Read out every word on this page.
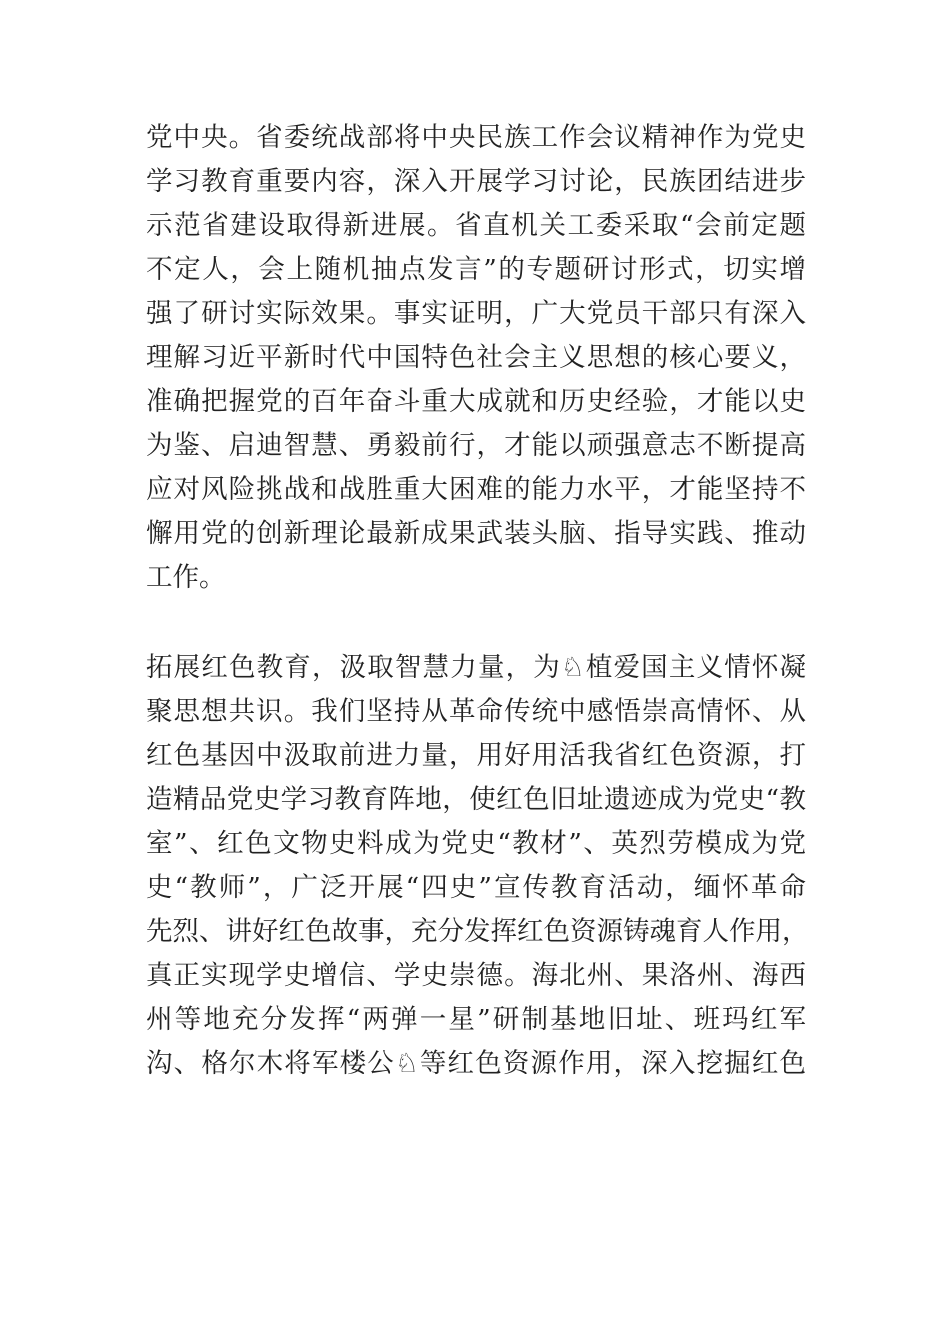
党中央。省委统战部将中央民族工作会议精神作为党史
学习教育重要内容，深入开展学习讨论，民族团结进步
示范省建设取得新进展。省直机关工委采取“会前定题
不定人，会上随机抽点发言”的专题研讨形式，切实增
强了研讨实际效果。事实证明，广大党员干部只有深入
理解习近平新时代中国特色社会主义思想的核心要义，
准确把握党的百年奋斗重大成就和历史经验，才能以史
为鉴、启迪智慧、勇毅前行，才能以顽强意志不断提高
应对风险挑战和战胜重大困难的能力水平，才能坚持不
懈用党的创新理论最新成果武装头脑、指导实践、推动
工作。
拓展红色教育，汲取智慧力量，为♘植爱国主义情怀凝
聚思想共识。我们坚持从革命传统中感悟崇高情怀、从
红色基因中汲取前进力量，用好用活我省红色资源，打
造精品党史学习教育阵地，使红色旧址遗迹成为党史“教
室”、红色文物史料成为党史“教材”、英烈劳模成为党
史“教师”，广泛开展“四史”宣传教育活动，缅怀革命
先烈、讲好红色故事，充分发挥红色资源铸魂育人作用，
真正实现学史增信、学史崇德。海北州、果洛州、海西
州等地充分发挥“两弹一星”研制基地旧址、班玛红军
沟、格尔木将军楼公♘等红色资源作用，深入挖掘红色
